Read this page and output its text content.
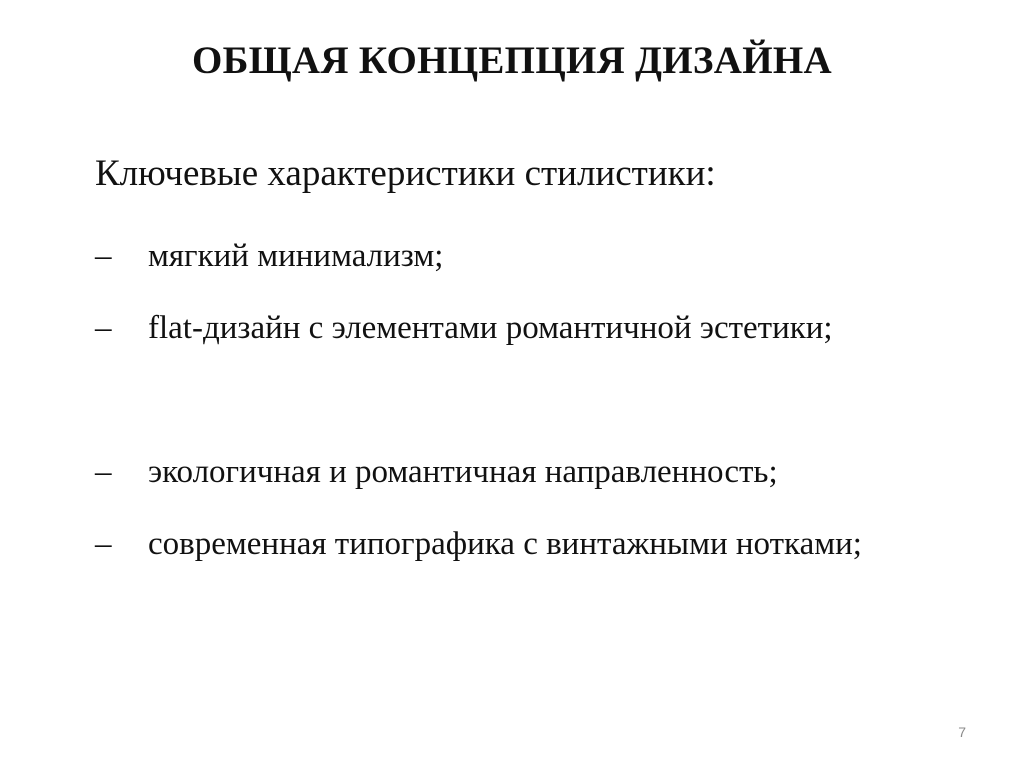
ОБЩАЯ КОНЦЕПЦИЯ ДИЗАЙНА
Ключевые характеристики стилистики:
–	мягкий минимализм;
–	flat-дизайн с элементами романтичной эстетики;
–	экологичная и романтичная направленность;
–	современная типографика с винтажными нотками;
7
